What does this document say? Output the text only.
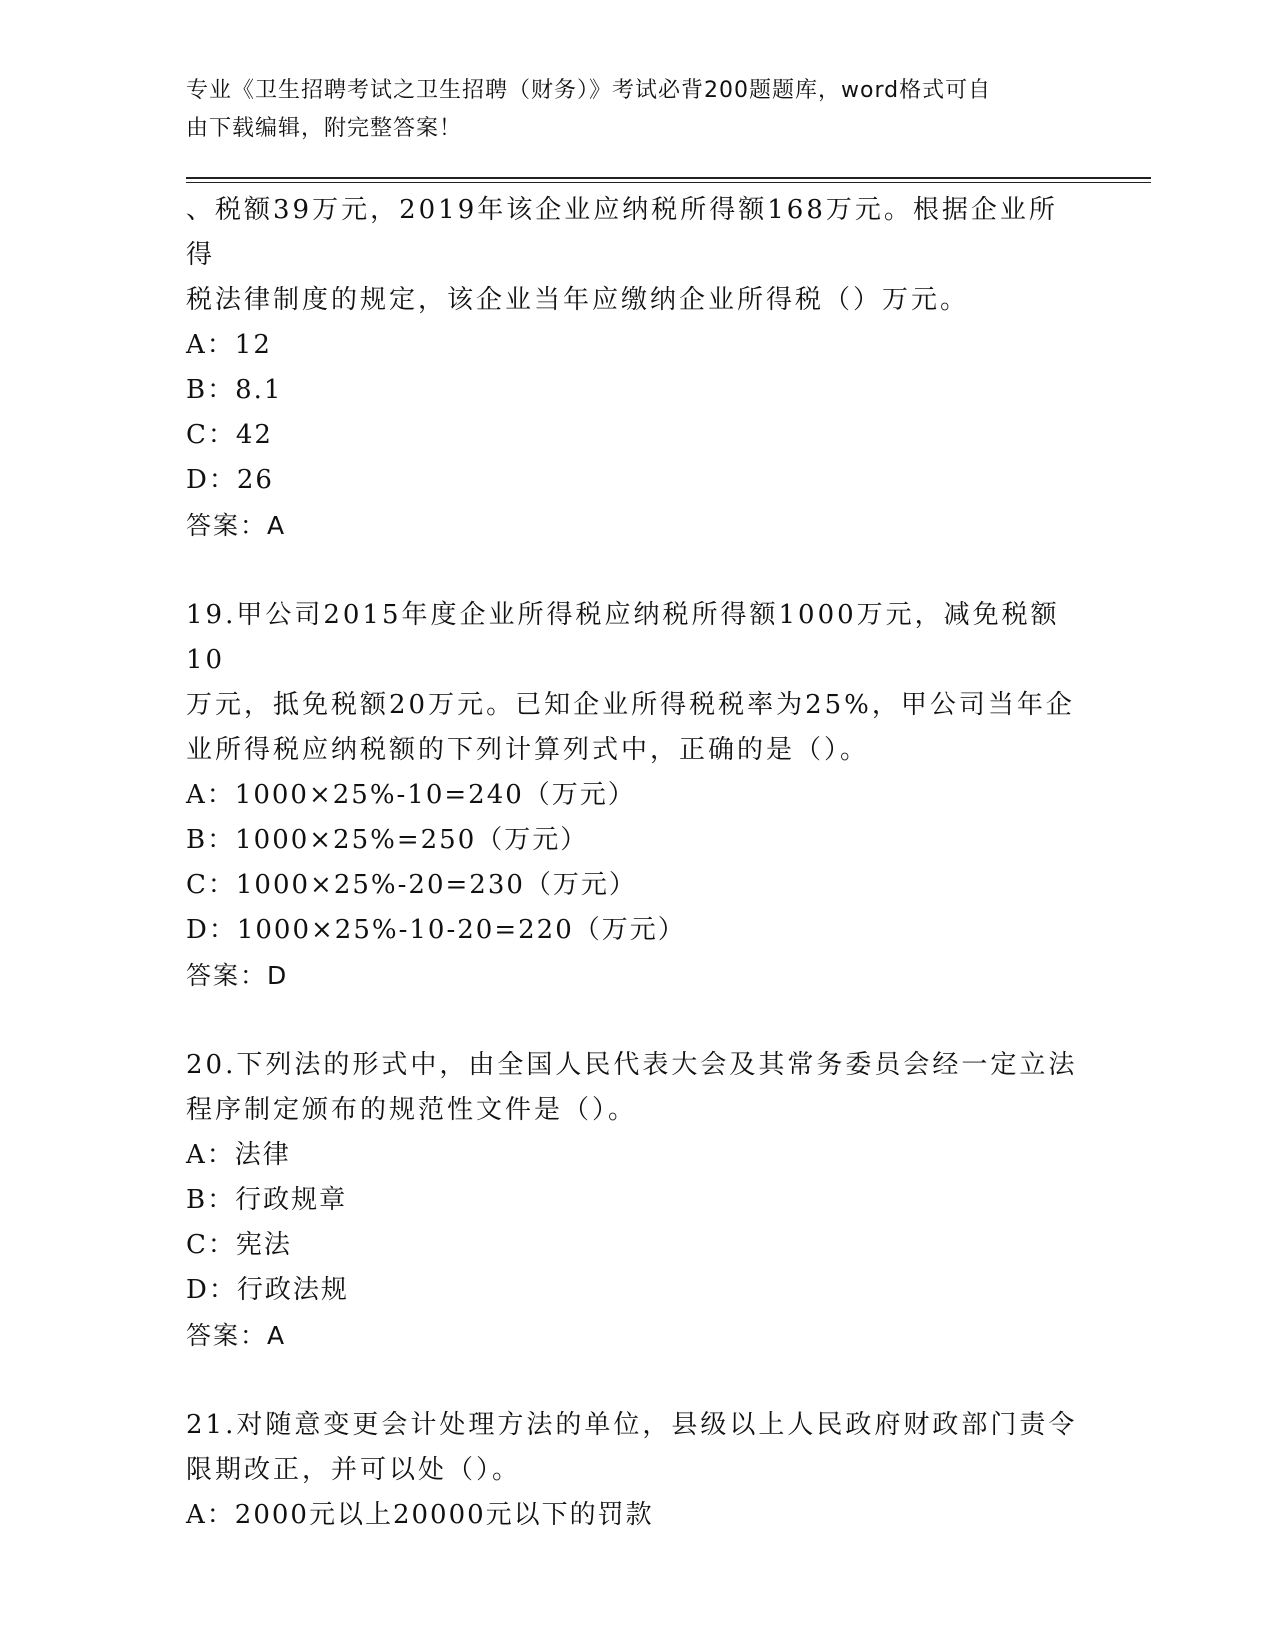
专业《卫生招聘考试之卫生招聘（财务）》考试必背200题题库，word格式可自
由下载编辑，附完整答案！
、税额39万元，2019年该企业应纳税所得额168万元。根据企业所得
税法律制度的规定，该企业当年应缴纳企业所得税（）万元。
A：12
B：8.1
C：42
D：26
答案：A
19.甲公司2015年度企业所得税应纳税所得额1000万元，减免税额10
万元，抵免税额20万元。已知企业所得税税率为25%，甲公司当年企
业所得税应纳税额的下列计算列式中，正确的是（）。
A：1000×25%-10=240（万元）
B：1000×25%=250（万元）
C：1000×25%-20=230（万元）
D：1000×25%-10-20=220（万元）
答案：D
20.下列法的形式中，由全国人民代表大会及其常务委员会经一定立法
程序制定颁布的规范性文件是（）。
A：法律
B：行政规章
C：宪法
D：行政法规
答案：A
21.对随意变更会计处理方法的单位，县级以上人民政府财政部门责令
限期改正，并可以处（）。
A：2000元以上20000元以下的罚款
